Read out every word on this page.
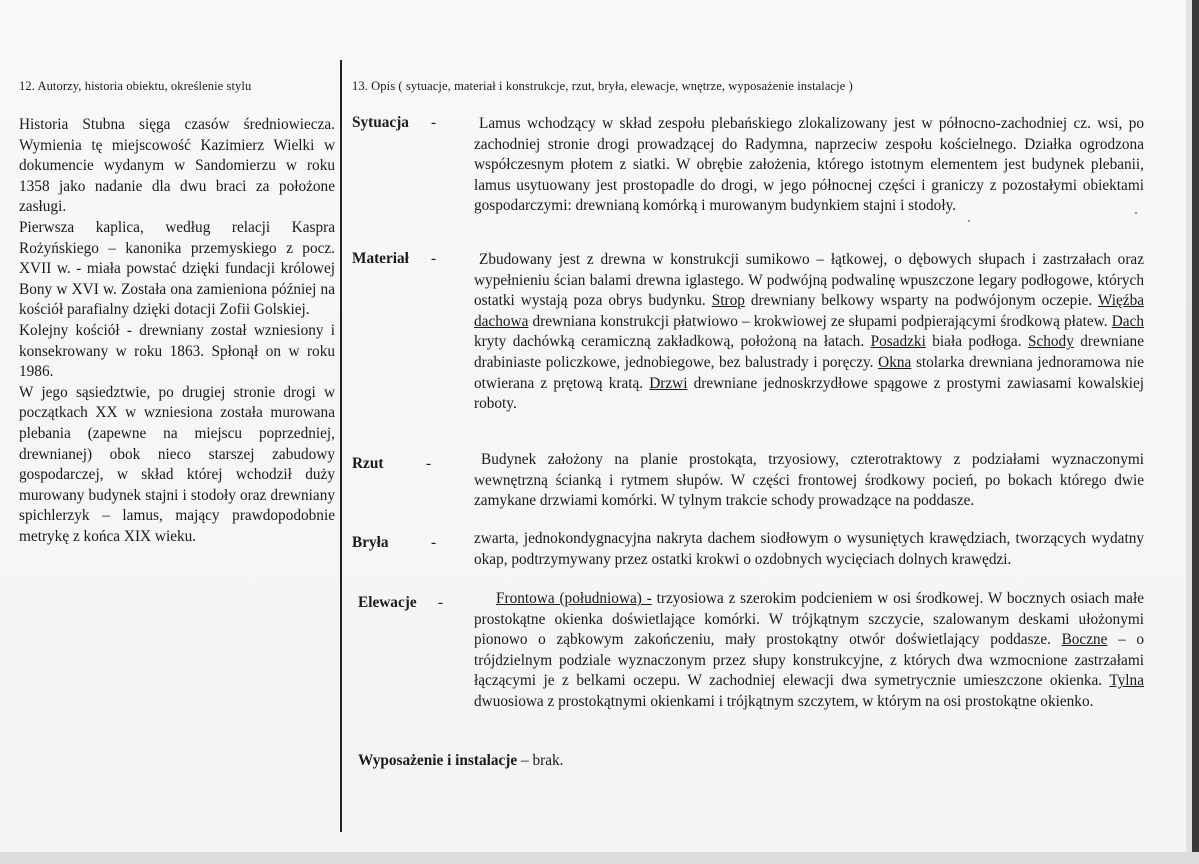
12. Autorzy, historia obiektu, określenie stylu

Historia Stubna sięga czasów średniowiecza. Wymienia tę miejscowość Kazimierz Wielki w dokumencie wydanym w Sandomierzu w roku 1358 jako nadanie dla dwu braci za położone zasługi.

Pierwsza kaplica, według relacji Kaspra Rożyńskiego – kanonika przemyskiego z pocz. XVII w. - miała powstać dzięki fundacji królowej Bony w XVI w. Została ona zamieniona później na kościół parafialny dzięki dotacji Zofii Golskiej.

Kolejny kościół - drewniany został wzniesiony i konsekrowany w roku 1863. Spłonął on w roku 1986.

W jego sąsiedztwie, po drugiej stronie drogi w początkach XX w wzniesiona została murowana plebania (zapewne na miejscu poprzedniej, drewnianej) obok nieco starszej zabudowy gospodarczej, w skład której wchodził duży murowany budynek stajni i stodoły oraz drewniany spichlerzyk – lamus, mający prawdopodobnie metrykę z końca XIX wieku.

13. Opis ( sytuacje, materiał i konstrukcje, rzut, bryła, elewacje, wnętrze, wyposażenie instalacje )
Sytuacja -	Lamus wchodzący w skład zespołu plebańskiego zlokalizowany jest w północno-zachodniej cz. wsi, po zachodniej stronie drogi prowadzącej do Radymna, naprzeciw zespołu kościelnego. Działka ogrodzona współczesnym płotem z siatki. W obrębie założenia, którego istotnym elementem jest budynek plebanii, lamus usytuowany jest prostopadle do drogi, w jego północnej części i graniczy z pozostałymi obiektami gospodarczymi: drewnianą komórką i murowanym budynkiem stajni i stodoły.

Materiał -	Zbudowany jest z drewna w konstrukcji sumikowo – łątkowej, o dębowych słupach i zastrzałach oraz wypełnieniu ścian balami drewna iglastego. W podwójną podwalinę wpuszczone legary podłogowe, których ostatki wystają poza obrys budynku. Strop drewniany belkowy wsparty na podwójonym oczepie. Więźba dachowa drewniana konstrukcji płatwiowo – krokwiowej ze słupami podpierającymi środkową płatew. Dach kryty dachówką ceramiczną zakładkową, położoną na łatach. Posadzki biała podłoga. Schody drewniane drabiniaste policzkowe, jednobiegowe, bez balustrady i poręczy. Okna stolarka drewniana jednoramowa nie otwierana z prętową kratą. Drzwi drewniane jednoskrzydłowe spągowe z prostymi zawiasami kowalskiej roboty.

Rzut	-	Budynek założony na planie prostokąta, trzyosiowy, czterotraktowy z podziałami wyznaczonymi wewnętrzną ścianką i rytmem słupów. W części frontowej środkowy pocień, po bokach którego dwie zamykane drzwiami komórki. W tylnym trakcie schody prowadzące na poddasze.

Bryła	- zwarta, jednokondygnacyjna nakryta dachem siodłowym o wysuniętych krawędziach, tworzących wydatny okap, podtrzymywany przez ostatki krokwi o ozdobnych wycięciach dolnych krawędzi.

Elewacje -	Frontowa (południowa) - trzyosiowa z szerokim podcieniem w osi środkowej. W bocznych osiach małe prostokątne okienka doświetlające komórki. W trójkątnym szczycie, szalowanym deskami ułożonymi pionowo o ząbkowym zakończeniu, mały prostokątny otwór doświetlający poddasze. Boczne – o trójdzielnym podziale wyznaczonym przez słupy konstrukcyjne, z których dwa wzmocnione zastrzałami łączącymi je z belkami oczepu. W zachodniej elewacji dwa symetrycznie umieszczone okienka. Tylna dwuosiowa z prostokątnymi okienkami i trójkątnym szczytem, w którym na osi prostokątne okienko.

Wyposażenie i instalacje – brak.
